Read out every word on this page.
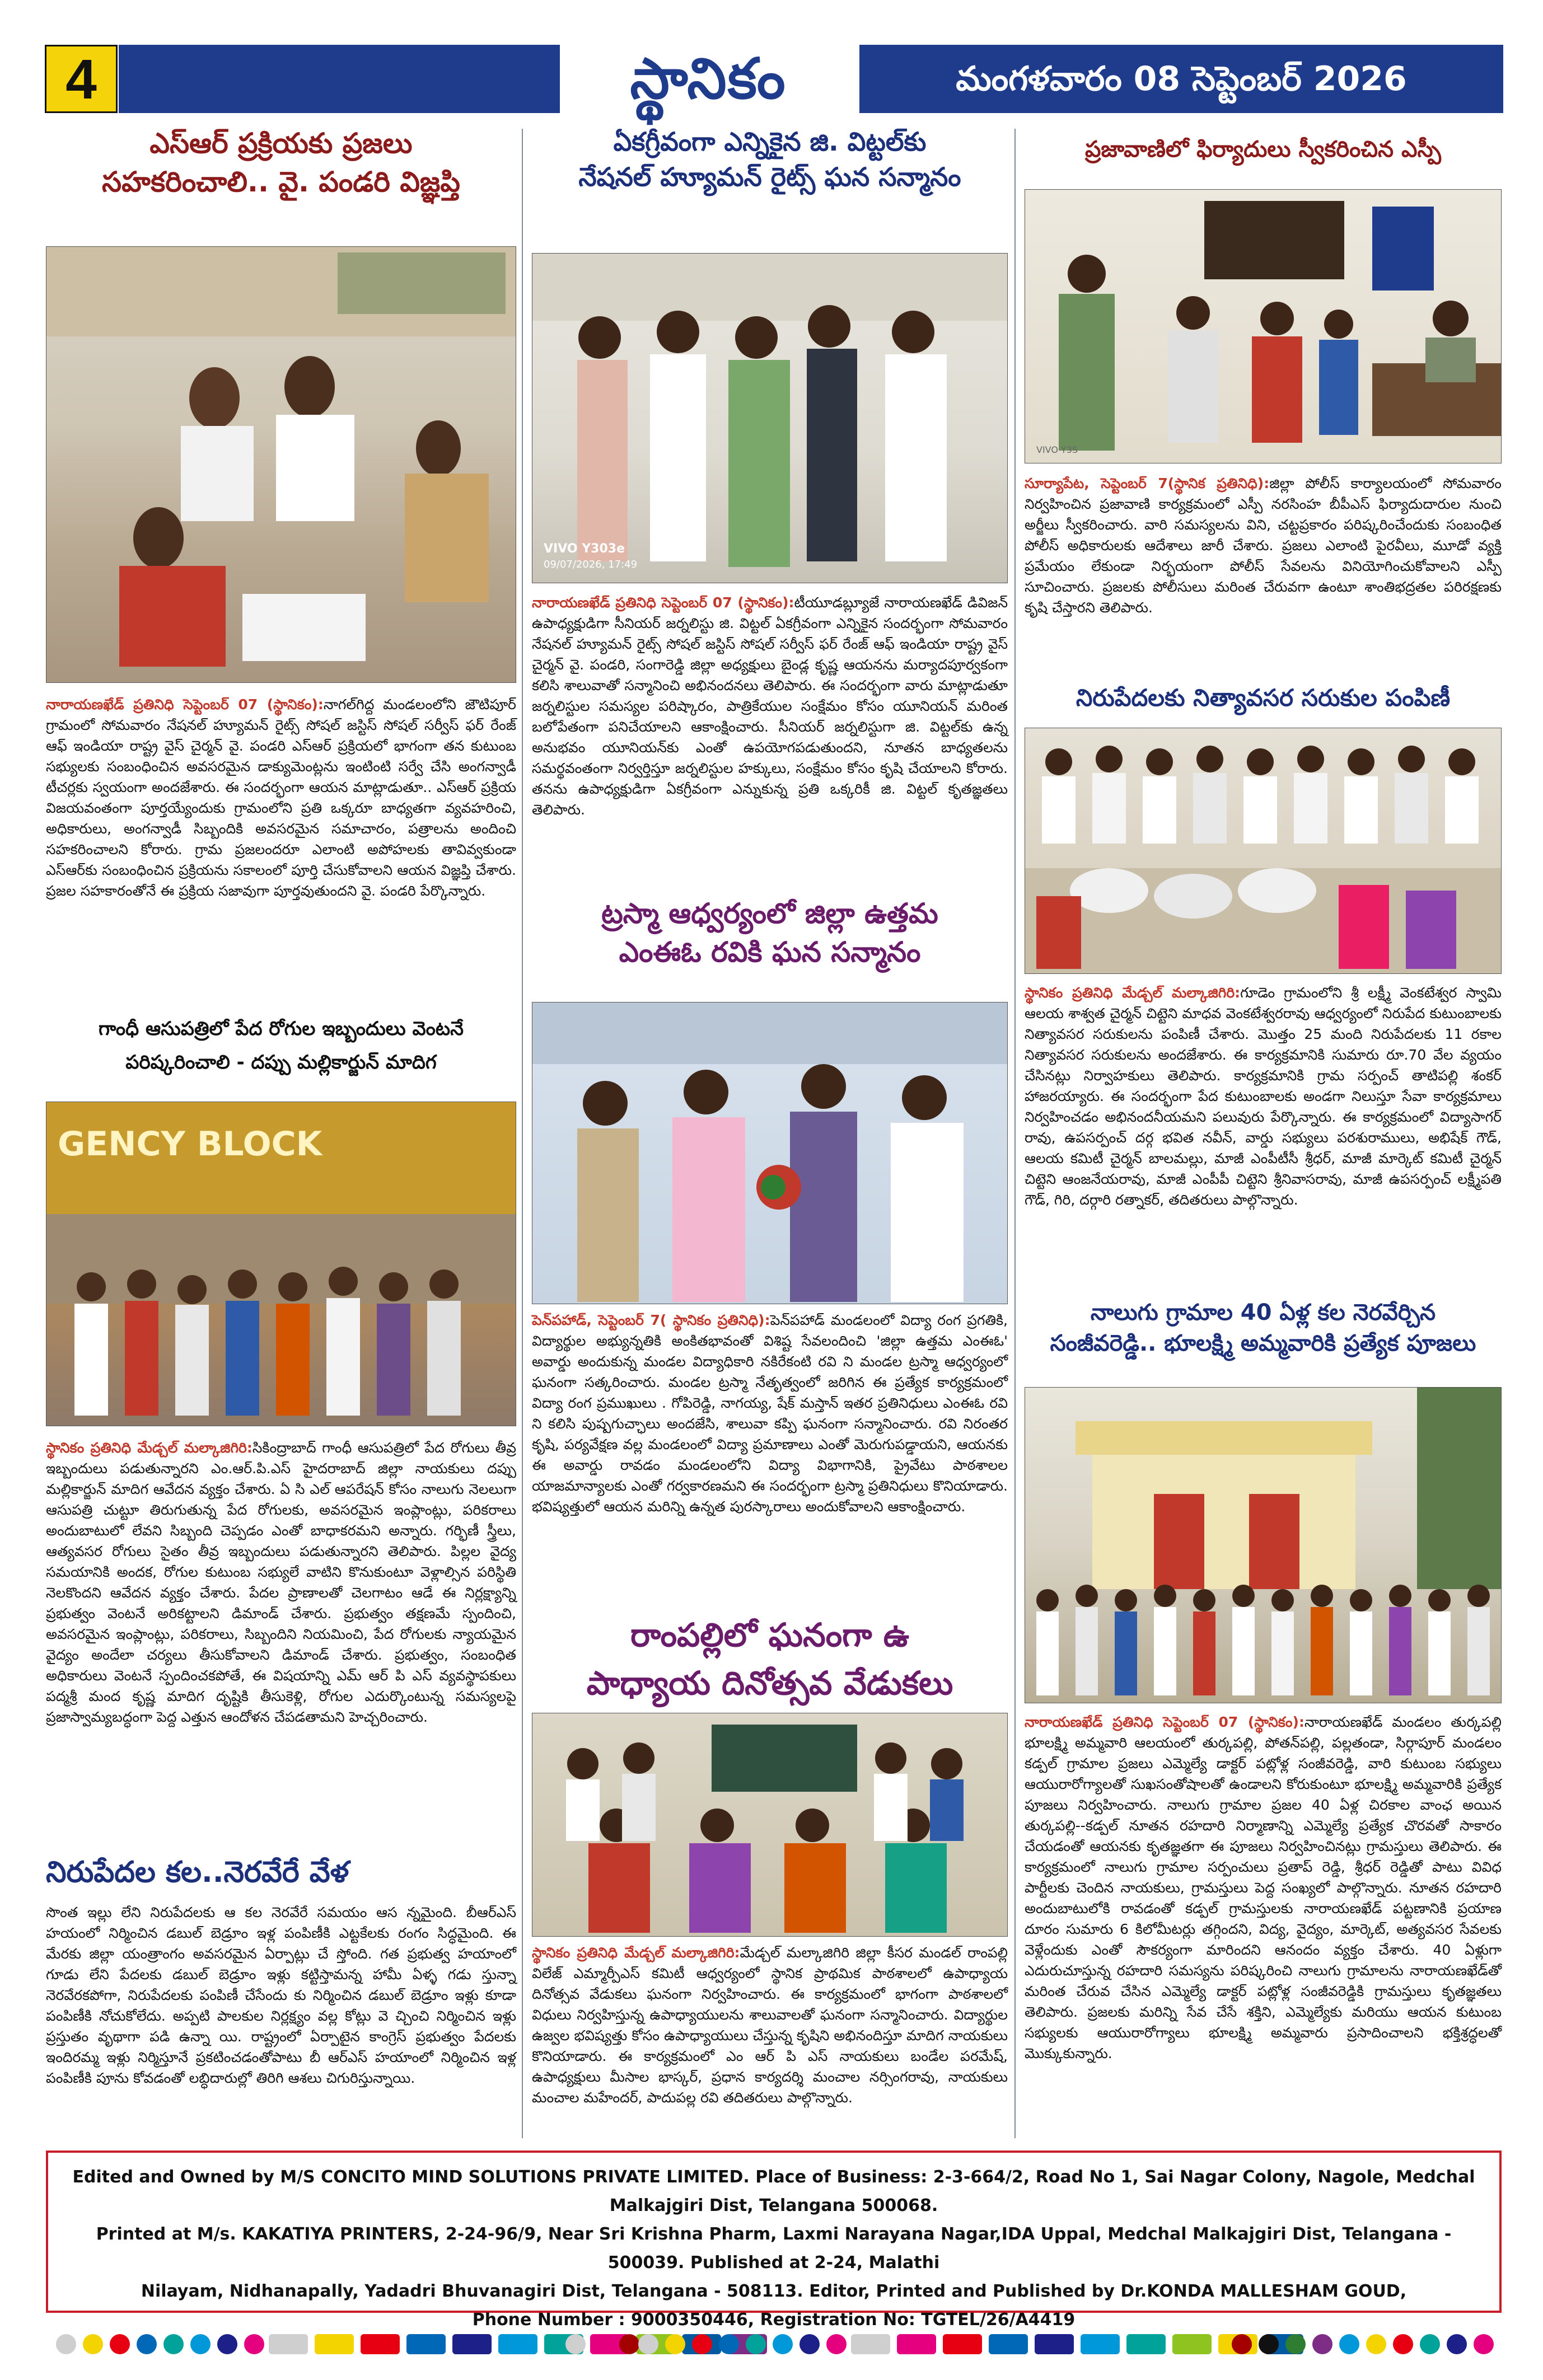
4	స్థానికం	మంగళవారం 08 సెప్టెంబర్ 2026
ఎస్ఆర్ ప్రక్రియకు ప్రజలు
సహకరించాలి.. వై. పండరి విజ్ఞప్తి
నారాయణఖేడ్ ప్రతినిధి సెప్టెంబర్ 07 (స్థానికం):నాగల్‌గిద్ద మండలంలోని జౌటిపూర్ గ్రామంలో సోమవారం నేషనల్ హ్యూమన్ రైట్స్ సోషల్ జస్టిస్ సోషల్ సర్వీస్ ఫర్ రేంజ్ ఆఫ్ ఇండియా రాష్ట్ర వైస్ చైర్మన్ వై. పండరి ఎస్ఆర్ ప్రక్రియలో భాగంగా తన కుటుంబ సభ్యులకు సంబంధించిన అవసరమైన డాక్యుమెంట్లను ఇంటింటి సర్వే చేసి అంగన్వాడీ టీచర్లకు స్వయంగా అందజేశారు. ఈ సందర్భంగా ఆయన మాట్లాడుతూ.. ఎస్ఆర్ ప్రక్రియ విజయవంతంగా పూర్తయ్యేందుకు గ్రామంలోని ప్రతి ఒక్కరూ బాధ్యతగా వ్యవహరించి, అధికారులు, అంగన్వాడీ సిబ్బందికి అవసరమైన సమాచారం, పత్రాలను అందించి సహకరించాలని కోరారు. గ్రామ ప్రజలందరూ ఎలాంటి అపోహలకు తావివ్వకుండా ఎస్ఆర్‌కు సంబంధించిన ప్రక్రియను సకాలంలో పూర్తి చేసుకోవాలని ఆయన విజ్ఞప్తి చేశారు. ప్రజల సహకారంతోనే ఈ ప్రక్రియ సజావుగా పూర్తవుతుందని వై. పండరి పేర్కొన్నారు.
గాంధీ ఆసుపత్రిలో పేద రోగుల ఇబ్బందులు వెంటనే
పరిష్కరించాలి - దప్పు మల్లికార్జున్ మాదిగ
GENCY BLOCK
స్థానికం ప్రతినిధి మేడ్చల్ మల్కాజిగిరి:సికింద్రాబాద్ గాంధీ ఆసుపత్రిలో పేద రోగులు తీవ్ర ఇబ్బందులు పడుతున్నారని ఎం.ఆర్.పి.ఎస్ హైదరాబాద్ జిల్లా నాయకులు దప్పు మల్లికార్జున్ మాదిగ ఆవేదన వ్యక్తం చేశారు. ఏ సి ఎల్ ఆపరేషన్ కోసం నాలుగు నెలలుగా ఆసుపత్రి చుట్టూ తిరుగుతున్న పేద రోగులకు, అవసరమైన ఇంప్లాంట్లు, పరికరాలు అందుబాటులో లేవని సిబ్బంది చెప్పడం ఎంతో బాధాకరమని అన్నారు. గర్భిణీ స్త్రీలు, ఆత్యవసర రోగులు సైతం తీవ్ర ఇబ్బందులు పడుతున్నారని తెలిపారు. పిల్లల వైద్య సమయానికి అందక, రోగుల కుటుంబ సభ్యులే వాటిని కొనుకుంటూ వెళ్లాల్సిన పరిస్థితి నెలకొందని ఆవేదన వ్యక్తం చేశారు. పేదల ప్రాణాలతో చెలగాటం ఆడే ఈ నిర్లక్ష్యాన్ని ప్రభుత్వం వెంటనే అరికట్టాలని డిమాండ్ చేశారు. ప్రభుత్వం తక్షణమే స్పందించి, అవసరమైన ఇంప్లాంట్లు, పరికరాలు, సిబ్బందిని నియమించి, పేద రోగులకు న్యాయమైన వైద్యం అందేలా చర్యలు తీసుకోవాలని డిమాండ్ చేశారు. ప్రభుత్వం, సంబంధిత అధికారులు వెంటనే స్పందించకపోతే, ఈ విషయాన్ని ఎమ్ ఆర్ పి ఎస్ వ్యవస్థాపకులు పద్మశ్రీ మంద కృష్ణ మాదిగ దృష్టికి తీసుకెళ్లి, రోగుల ఎదుర్కొంటున్న సమస్యలపై ప్రజాస్వామ్యబద్ధంగా పెద్ద ఎత్తున ఆందోళన చేపడతామని హెచ్చరించారు.
నిరుపేదల కల..నెరవేరే వేళ
సొంత ఇల్లు లేని నిరుపేదలకు ఆ కల నెరవేరే సమయం ఆస న్నమైంది. బీఆర్ఎస్ హయంలో నిర్మించిన డబుల్ బెడ్రూం ఇళ్ల పంపిణీకి ఎట్టకేలకు రంగం సిద్ధమైంది. ఈ మేరకు జిల్లా యంత్రాంగం అవసరమైన ఏర్పాట్లు చే స్తోంది. గత ప్రభుత్వ హయాంలో గూడు లేని పేదలకు డబుల్ బెడ్రూం ఇళ్లు కట్టిస్తామన్న హామీ ఏళ్ళ గడు స్తున్నా నెరవేరకపోగా, నిరుపేదలకు పంపిణీ చేసేందు కు నిర్మించిన డబుల్ బెడ్రూం ఇళ్లు కూడా పంపిణీకి నోచుకోలేదు. అప్పటి పాలకుల నిర్లక్ష్యం వల్ల కోట్లు వె చ్చించి నిర్మించిన ఇళ్లు ప్రస్తుతం వృథాగా పడి ఉన్నా యి. రాష్ట్రంలో ఏర్పాటైన కాంగ్రెస్ ప్రభుత్వం పేదలకు ఇందిరమ్మ ఇళ్లు నిర్మిస్తూనే ప్రకటించడంతోపాటు బీ ఆర్ఎస్ హయాంలో నిర్మించిన ఇళ్ల పంపిణీకి పూను కోవడంతో లబ్ధిదారుల్లో తిరిగి ఆశలు చిగురిస్తున్నాయి.
ఏకగ్రీవంగా ఎన్నికైన జి. విట్టల్‌కు
నేషనల్ హ్యూమన్ రైట్స్ ఘన సన్మానం
VIVO Y303e
09/07/2026, 17:49
నారాయణఖేడ్ ప్రతినిధి సెప్టెంబర్ 07 (స్థానికం):టీయూడబ్ల్యూజే నారాయణఖేడ్ డివిజన్ ఉపాధ్యక్షుడిగా సీనియర్ జర్నలిస్టు జి. విట్టల్ ఏకగ్రీవంగా ఎన్నికైన సందర్భంగా సోమవారం నేషనల్ హ్యూమన్ రైట్స్ సోషల్ జస్టిస్ సోషల్ సర్వీస్ ఫర్ రేంజ్ ఆఫ్ ఇండియా రాష్ట్ర వైస్ చైర్మన్ వై. పండరి, సంగారెడ్డి జిల్లా అధ్యక్షులు బైండ్ల కృష్ణ ఆయనను మర్యాదపూర్వకంగా కలిసి శాలువాతో సన్మానించి అభినందనలు తెలిపారు. ఈ సందర్భంగా వారు మాట్లాడుతూ జర్నలిస్టుల సమస్యల పరిష్కారం, పాత్రికేయుల సంక్షేమం కోసం యూనియన్ మరింత బలోపేతంగా పనిచేయాలని ఆకాంక్షించారు. సీనియర్ జర్నలిస్టుగా జి. విట్టల్‌కు ఉన్న అనుభవం యూనియన్‌కు ఎంతో ఉపయోగపడుతుందని, నూతన బాధ్యతలను సమర్థవంతంగా నిర్వర్తిస్తూ జర్నలిస్టుల హక్కులు, సంక్షేమం కోసం కృషి చేయాలని కోరారు. తనను ఉపాధ్యక్షుడిగా ఏకగ్రీవంగా ఎన్నుకున్న ప్రతి ఒక్కరికీ జి. విట్టల్ కృతజ్ఞతలు తెలిపారు.
ట్రస్మా ఆధ్వర్యంలో జిల్లా ఉత్తమ
ఎంఈఓ రవికి ఘన సన్మానం
పెన్‌పహాడ్, సెప్టెంబర్ 7( స్థానికం ప్రతినిధి):పెన్‌పహాడ్ మండలంలో విద్యా రంగ ప్రగతికి, విద్యార్థుల అభ్యున్నతికి అంకితభావంతో విశిష్ట సేవలందించి 'జిల్లా ఉత్తమ ఎంఈఓ' అవార్డు అందుకున్న మండల విద్యాధికారి నకిరేకంటి రవి ని మండల ట్రస్మా ఆధ్వర్యంలో ఘనంగా సత్కరించారు. మండల ట్రస్మా నేతృత్వంలో జరిగిన ఈ ప్రత్యేక కార్యక్రమంలో విద్యా రంగ ప్రముఖులు . గోపిరెడ్డి, నాగయ్య, షేక్ మస్తాన్ ఇతర ప్రతినిధులు ఎంఈఓ రవి ని కలిసి పుష్పగుచ్ఛాలు అందజేసి, శాలువా కప్పి ఘనంగా సన్మానించారు. రవి నిరంతర కృషి, పర్యవేక్షణ వల్ల మండలంలో విద్యా ప్రమాణాలు ఎంతో మెరుగుపడ్డాయని, ఆయనకు ఈ అవార్డు రావడం మండలంలోని విద్యా విభాగానికి, ప్రైవేటు పాఠశాలల యాజమాన్యాలకు ఎంతో గర్వకారణమని ఈ సందర్భంగా ట్రస్మా ప్రతినిధులు కొనియాడారు. భవిష్యత్తులో ఆయన మరిన్ని ఉన్నత పురస్కారాలు అందుకోవాలని ఆకాంక్షించారు.
రాంపల్లిలో ఘనంగా ఉ
పాధ్యాయ దినోత్సవ వేడుకలు
స్థానికం ప్రతినిధి మేడ్చల్ మల్కాజిగిరి:మేడ్చల్ మల్కాజిగిరి జిల్లా కీసర మండల్ రాంపల్లి విలేజ్ ఎమ్మార్పీఎస్ కమిటీ ఆధ్వర్యంలో స్థానిక ప్రాథమిక పాఠశాలలో ఉపాధ్యాయ దినోత్సవ వేడుకలు ఘనంగా నిర్వహించారు. ఈ కార్యక్రమంలో భాగంగా పాఠశాలలో విధులు నిర్వహిస్తున్న ఉపాధ్యాయులను శాలువాలతో ఘనంగా సన్మానించారు. విద్యార్థుల ఉజ్వల భవిష్యత్తు కోసం ఉపాధ్యాయులు చేస్తున్న కృషిని అభినందిస్తూ మాదిగ నాయకులు కొనియాడారు. ఈ కార్యక్రమంలో ఎం ఆర్ పి ఎస్ నాయకులు బండేల పరమేష్, ఉపాధ్యక్షులు మీసాల భాస్కర్, ప్రధాన కార్యదర్శి మంచాల నర్సింగరావు, నాయకులు మంచాల మహేందర్, పాదుపల్ల రవి తదితరులు పాల్గొన్నారు.
ప్రజావాణిలో ఫిర్యాదులు స్వీకరించిన ఎస్పీ
VIVO Y3S
సూర్యాపేట, సెప్టెంబర్ 7(స్థానిక ప్రతినిధి):జిల్లా పోలీస్ కార్యాలయంలో సోమవారం నిర్వహించిన ప్రజావాణి కార్యక్రమంలో ఎస్పీ నరసింహ బీపీఎస్ ఫిర్యాదుదారుల నుంచి అర్జీలు స్వీకరించారు. వారి సమస్యలను విని, చట్టప్రకారం పరిష్కరించేందుకు సంబంధిత పోలీస్ అధికారులకు ఆదేశాలు జారీ చేశారు. ప్రజలు ఎలాంటి పైరవీలు, మూడో వ్యక్తి ప్రమేయం లేకుండా నిర్భయంగా పోలీస్ సేవలను వినియోగించుకోవాలని ఎస్పీ సూచించారు. ప్రజలకు పోలీసులు మరింత చేరువగా ఉంటూ శాంతిభద్రతల పరిరక్షణకు కృషి చేస్తారని తెలిపారు.
నిరుపేదలకు నిత్యావసర సరుకుల పంపిణీ
స్థానికం ప్రతినిధి మేడ్చల్ మల్కాజిగిరి:గూడెం గ్రామంలోని శ్రీ లక్ష్మీ వెంకటేశ్వర స్వామి ఆలయ శాశ్వత చైర్మన్ చిట్టెని మాధవ వెంకటేశ్వరరావు ఆధ్వర్యంలో నిరుపేద కుటుంబాలకు నిత్యావసర సరుకులను పంపిణీ చేశారు. మొత్తం 25 మంది నిరుపేదలకు 11 రకాల నిత్యావసర సరుకులను అందజేశారు. ఈ కార్యక్రమానికి సుమారు రూ.70 వేల వ్యయం చేసినట్లు నిర్వాహకులు తెలిపారు. కార్యక్రమానికి గ్రామ సర్పంచ్ తాటిపల్లి శంకర్ హాజరయ్యారు. ఈ సందర్భంగా పేద కుటుంబాలకు అండగా నిలుస్తూ సేవా కార్యక్రమాలు నిర్వహించడం అభినందనీయమని పలువురు పేర్కొన్నారు. ఈ కార్యక్రమంలో విద్యాసాగర్ రావు, ఉపసర్పంచ్ దర్గ భవిత నవీన్, వార్డు సభ్యులు పరశురాములు, అభిషేక్ గౌడ్, ఆలయ కమిటీ చైర్మన్ బాలమల్లు, మాజీ ఎంపీటీసీ శ్రీధర్, మాజీ మార్కెట్ కమిటీ చైర్మన్ చిట్టెని ఆంజనేయరావు, మాజీ ఎంపీపీ చిట్టెని శ్రీనివాసరావు, మాజీ ఉపసర్పంచ్ లక్ష్మీపతి గౌడ్, గిరి, దర్గారి రత్నాకర్, తదితరులు పాల్గొన్నారు.
నాలుగు గ్రామాల 40 ఏళ్ల కల నెరవేర్చిన
సంజీవరెడ్డి.. భూలక్ష్మి అమ్మవారికి ప్రత్యేక పూజలు
నారాయణఖేడ్ ప్రతినిధి సెప్టెంబర్ 07 (స్థానికం):నారాయణఖేడ్ మండలం తుర్కపల్లి భూలక్ష్మి అమ్మవారి ఆలయంలో తుర్కపల్లి, పోతన్‌పల్లి, పల్లతండా, సిర్గాపూర్ మండలం కడ్పల్ గ్రామాల ప్రజలు ఎమ్మెల్యే డాక్టర్ పట్లోళ్ల సంజీవరెడ్డి, వారి కుటుంబ సభ్యులు ఆయురారోగ్యాలతో సుఖసంతోషాలతో ఉండాలని కోరుకుంటూ భూలక్ష్మి అమ్మవారికి ప్రత్యేక పూజలు నిర్వహించారు. నాలుగు గ్రామాల ప్రజల 40 ఏళ్ల చిరకాల వాంఛ అయిన తుర్కపల్లి--కడ్పల్ నూతన రహదారి నిర్మాణాన్ని ఎమ్మెల్యే ప్రత్యేక చొరవతో సాకారం చేయడంతో ఆయనకు కృతజ్ఞతగా ఈ పూజలు నిర్వహించినట్లు గ్రామస్తులు తెలిపారు. ఈ కార్యక్రమంలో నాలుగు గ్రామాల సర్పంచులు ప్రతాప్ రెడ్డి, శ్రీధర్ రెడ్డితో పాటు వివిధ పార్టీలకు చెందిన నాయకులు, గ్రామస్తులు పెద్ద సంఖ్యలో పాల్గొన్నారు. నూతన రహదారి అందుబాటులోకి రావడంతో కడ్పల్ గ్రామస్తులకు నారాయణఖేడ్ పట్టణానికి ప్రయాణ దూరం సుమారు 6 కిలోమీటర్లు తగ్గిందని, విద్య, వైద్యం, మార్కెట్, అత్యవసర సేవలకు వెళ్లేందుకు ఎంతో సౌకర్యంగా మారిందని ఆనందం వ్యక్తం చేశారు. 40 ఏళ్లుగా ఎదురుచూస్తున్న రహదారి సమస్యను పరిష్కరించి నాలుగు గ్రామాలను నారాయణఖేడ్‌తో మరింత చేరువ చేసిన ఎమ్మెల్యే డాక్టర్ పట్లోళ్ల సంజీవరెడ్డికి గ్రామస్తులు కృతజ్ఞతలు తెలిపారు. ప్రజలకు మరిన్ని సేవ చేసే శక్తిని, ఎమ్మెల్యేకు మరియు ఆయన కుటుంబ సభ్యులకు ఆయురారోగ్యాలు భూలక్ష్మి అమ్మవారు ప్రసాదించాలని భక్తిశ్రద్ధలతో మొక్కుకున్నారు.
Edited and Owned by M/S CONCITO MIND SOLUTIONS PRIVATE LIMITED. Place of Business: 2-3-664/2, Road No 1, Sai Nagar Colony, Nagole, Medchal Malkajgiri Dist, Telangana 500068.
Printed at M/s. KAKATIYA PRINTERS, 2-24-96/9, Near Sri Krishna Pharm, Laxmi Narayana Nagar,IDA Uppal, Medchal Malkajgiri Dist, Telangana - 500039. Published at 2-24, Malathi
Nilayam, Nidhanapally, Yadadri Bhuvanagiri Dist, Telangana - 508113. Editor, Printed and Published by Dr.KONDA MALLESHAM GOUD,
Phone Number : 9000350446, Registration No: TGTEL/26/A4419
